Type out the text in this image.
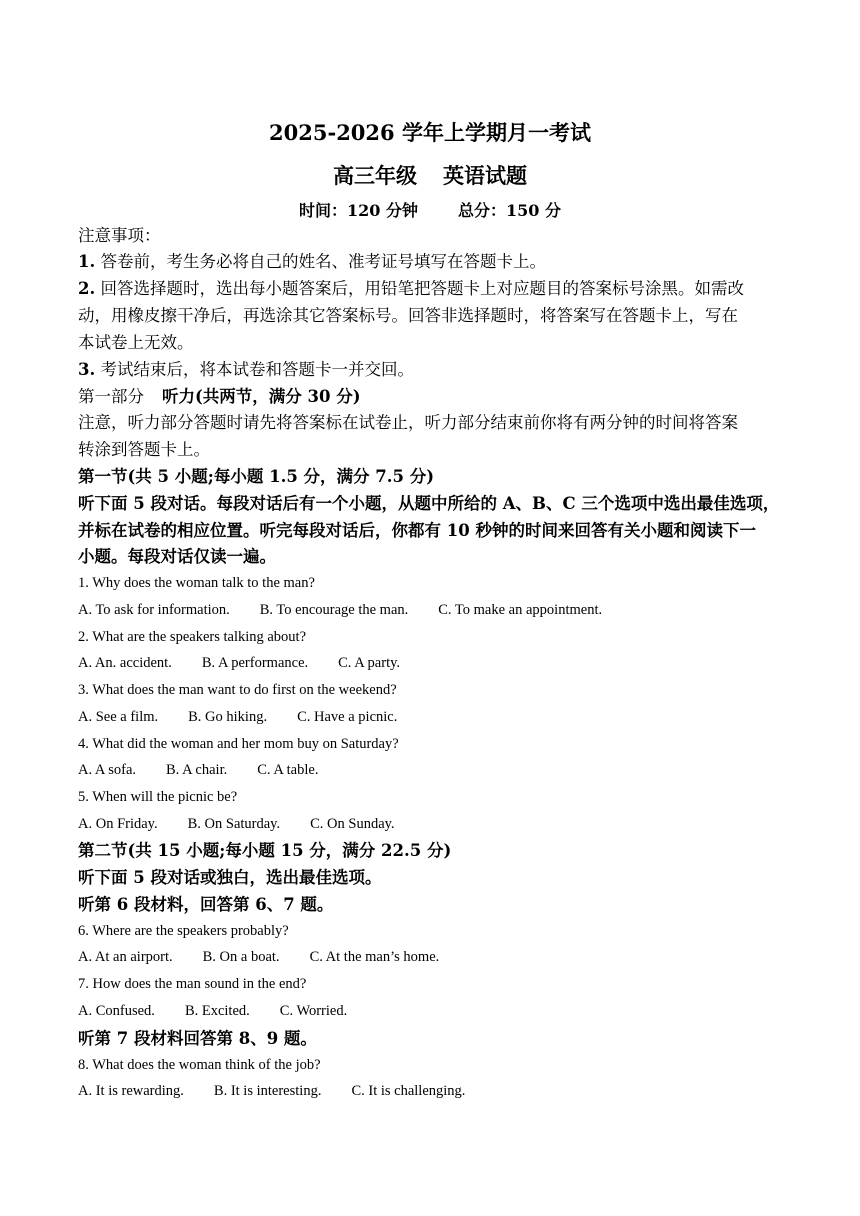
2025-2026 学年上学期月一考试
高三年级 英语试题
时间：120 分钟	总分：150 分
注意事项：
1. 答卷前，考生务必将自己的姓名、准考证号填写在答题卡上。
2. 回答选择题时，选出每小题答案后，用铅笔把答题卡上对应题目的答案标号涂黑。如需改
动，用橡皮擦干净后，再选涂其它答案标号。回答非选择题时，将答案写在答题卡上，写在
本试卷上无效。
3. 考试结束后，将本试卷和答题卡一并交回。
第一部分 听力(共两节，满分 30 分)
注意，听力部分答题时请先将答案标在试卷止，听力部分结束前你将有两分钟的时间将答案
转涂到答题卡上。
第一节(共 5 小题;每小题 1.5 分，满分 7.5 分)
听下面 5 段对话。每段对话后有一个小题，从题中所给的 A、B、C 三个选项中选出最佳选项，
并标在试卷的相应位置。听完每段对话后，你都有 10 秒钟的时间来回答有关小题和阅读下一
小题。每段对话仅读一遍。
1. Why does the woman talk to the man?
A. To ask for information. B. To encourage the man. C. To make an appointment.
2. What are the speakers talking about?
A. An. accident. B. A performance. C. A party.
3. What does the man want to do first on the weekend?
A. See a film. B. Go hiking. C. Have a picnic.
4. What did the woman and her mom buy on Saturday?
A. A sofa. B. A chair. C. A table.
5. When will the picnic be?
A. On Friday. B. On Saturday. C. On Sunday.
第二节(共 15 小题;每小题 15 分，满分 22.5 分)
听下面 5 段对话或独白，选出最佳选项。
听第 6 段材料，回答第 6、7 题。
6. Where are the speakers probably?
A. At an airport. B. On a boat. C. At the man’s home.
7. How does the man sound in the end?
A. Confused. B. Excited. C. Worried.
听第 7 段材料回答第 8、9 题。
8. What does the woman think of the job?
A. It is rewarding. B. It is interesting. C. It is challenging.
